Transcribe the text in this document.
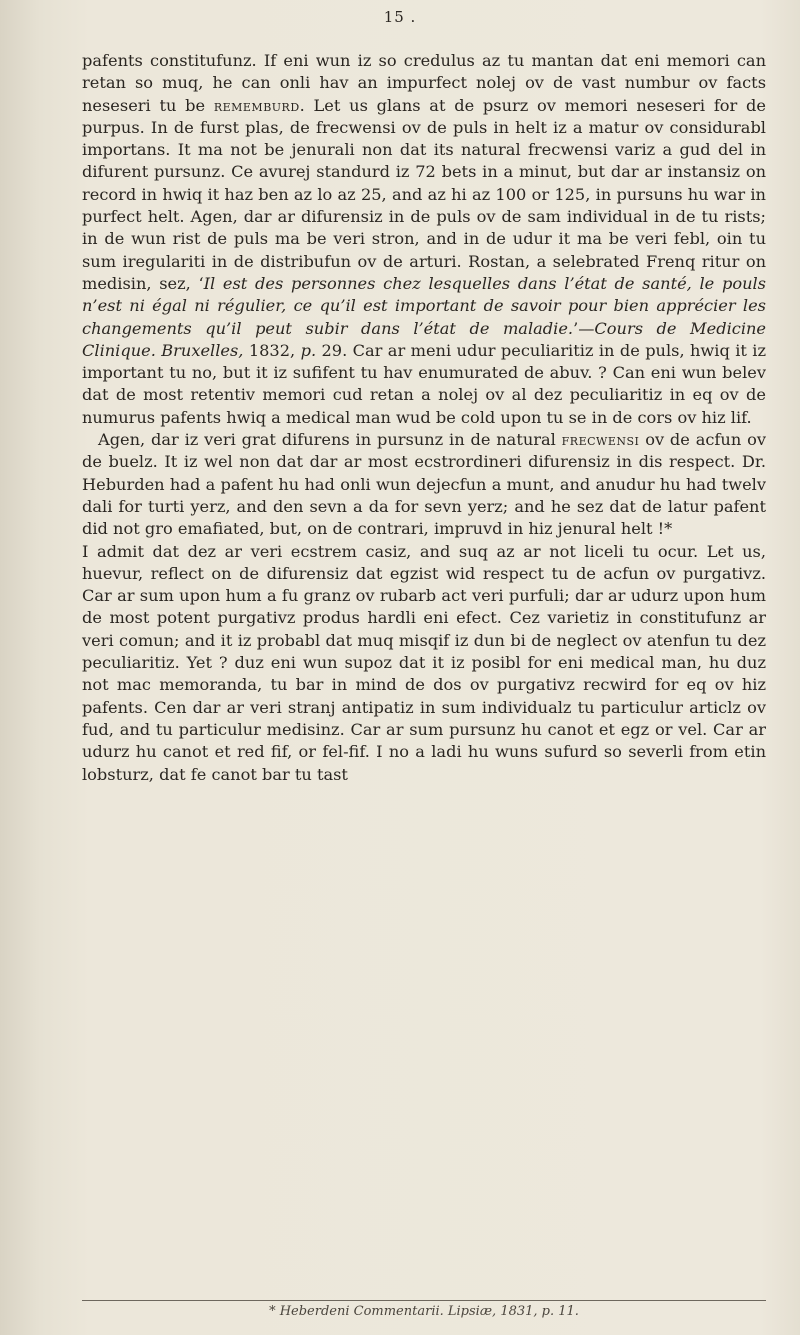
15 .

pafents constitufunz. If eni wun iz so credulus az tu mantan dat eni memori can retan so muq, he can onli hav an impurfect nolej ov de vast numbur ov facts neseseri tu be rememburd. Let us glans at de psurz ov memori neseseri for de purpus. In de furst plas, de frecwensi ov de puls in helt iz a matur ov considurabl importans. It ma not be jenurali non dat its natural frecwensi variz a gud del in difurent pursunz. Ce avurej standurd iz 72 bets in a minut, but dar ar instansiz on record in hwiq it haz ben az lo az 25, and az hi az 100 or 125, in pursuns hu war in purfect helt. Agen, dar ar difurensiz in de puls ov de sam individual in de tu rists; in de wun rist de puls ma be veri stron, and in de udur it ma be veri febl, oin tu sum iregulariti in de distribufun ov de arturi. Rostan, a selebrated Frenq ritur on medisin, sez, ‘Il est des personnes chez lesquelles dans l’état de santé, le pouls n’est ni égal ni régulier, ce qu’il est important de savoir pour bien apprécier les changements qu’il peut subir dans l’état de maladie.’—Cours de Medicine Clinique. Bruxelles, 1832, p. 29. Car ar meni udur peculiaritiz in de puls, hwiq it iz important tu no, but it iz sufifent tu hav enumurated de abuv. ? Can eni wun belev dat de most retentiv memori cud retan a nolej ov al dez peculiaritiz in eq ov de numurus pafents hwiq a medical man wud be cold upon tu se in de cors ov hiz lif.

Agen, dar iz veri grat difurens in pursunz in de natural frecwensi ov de acfun ov de buelz. It iz wel non dat dar ar most ecstrordineri difurensiz in dis respect. Dr. Heburden had a pafent hu had onli wun dejecfun a munt, and anudur hu had twelv dali for turti yerz, and den sevn a da for sevn yerz; and he sez dat de latur pafent did not gro emafiated, but, on de contrari, impruvd in hiz jenural helt !*

I admit dat dez ar veri ecstrem casiz, and suq az ar not liceli tu ocur. Let us, huevur, reflect on de difurensiz dat egzist wid respect tu de acfun ov purgativz. Car ar sum upon hum a fu granz ov rubarb act veri purfuli; dar ar udurz upon hum de most potent purgativz produs hardli eni efect. Cez varietiz in constitufunz ar veri comun; and it iz probabl dat muq misqif iz dun bi de neglect ov atenfun tu dez peculiaritiz. Yet ? duz eni wun supoz dat it iz posibl for eni medical man, hu duz not mac memoranda, tu bar in mind de dos ov purgativz recwird for eq ov hiz pafents. Cen dar ar veri stranj antipatiz in sum individualz tu particulur articlz ov fud, and tu particulur medisinz. Car ar sum pursunz hu canot et egz or vel. Car ar udurz hu canot et red fif, or fel-fif. I no a ladi hu wuns sufurd so severli from etin lobsturz, dat fe canot bar tu tast

* Heberdeni Commentarii. Lipsiæ, 1831, p. 11.
